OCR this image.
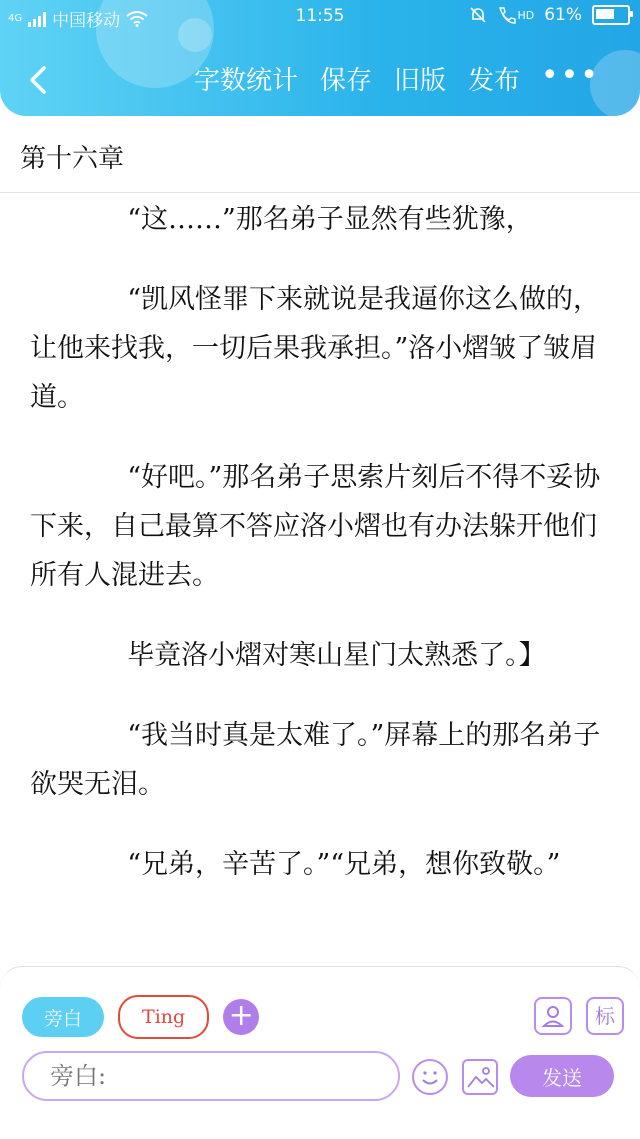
4G 中国移动	11:55	HD 61%
字数统计 保存 旧版 发布 •••
第十六章

“这……”那名弟子显然有些犹豫，

“凯风怪罪下来就说是我逼你这么做的，让他来找我，一切后果我承担。”洛小熠皱了皱眉道。

“好吧。”那名弟子思索片刻后不得不妥协下来，自己最算不答应洛小熠也有办法躲开他们所有人混进去。

毕竟洛小熠对寒山星门太熟悉了。】

“我当时真是太难了。”屏幕上的那名弟子欲哭无泪。

“兄弟，辛苦了。”“兄弟，想你致敬。”

旁白	Ting +	标
旁白:
发送
